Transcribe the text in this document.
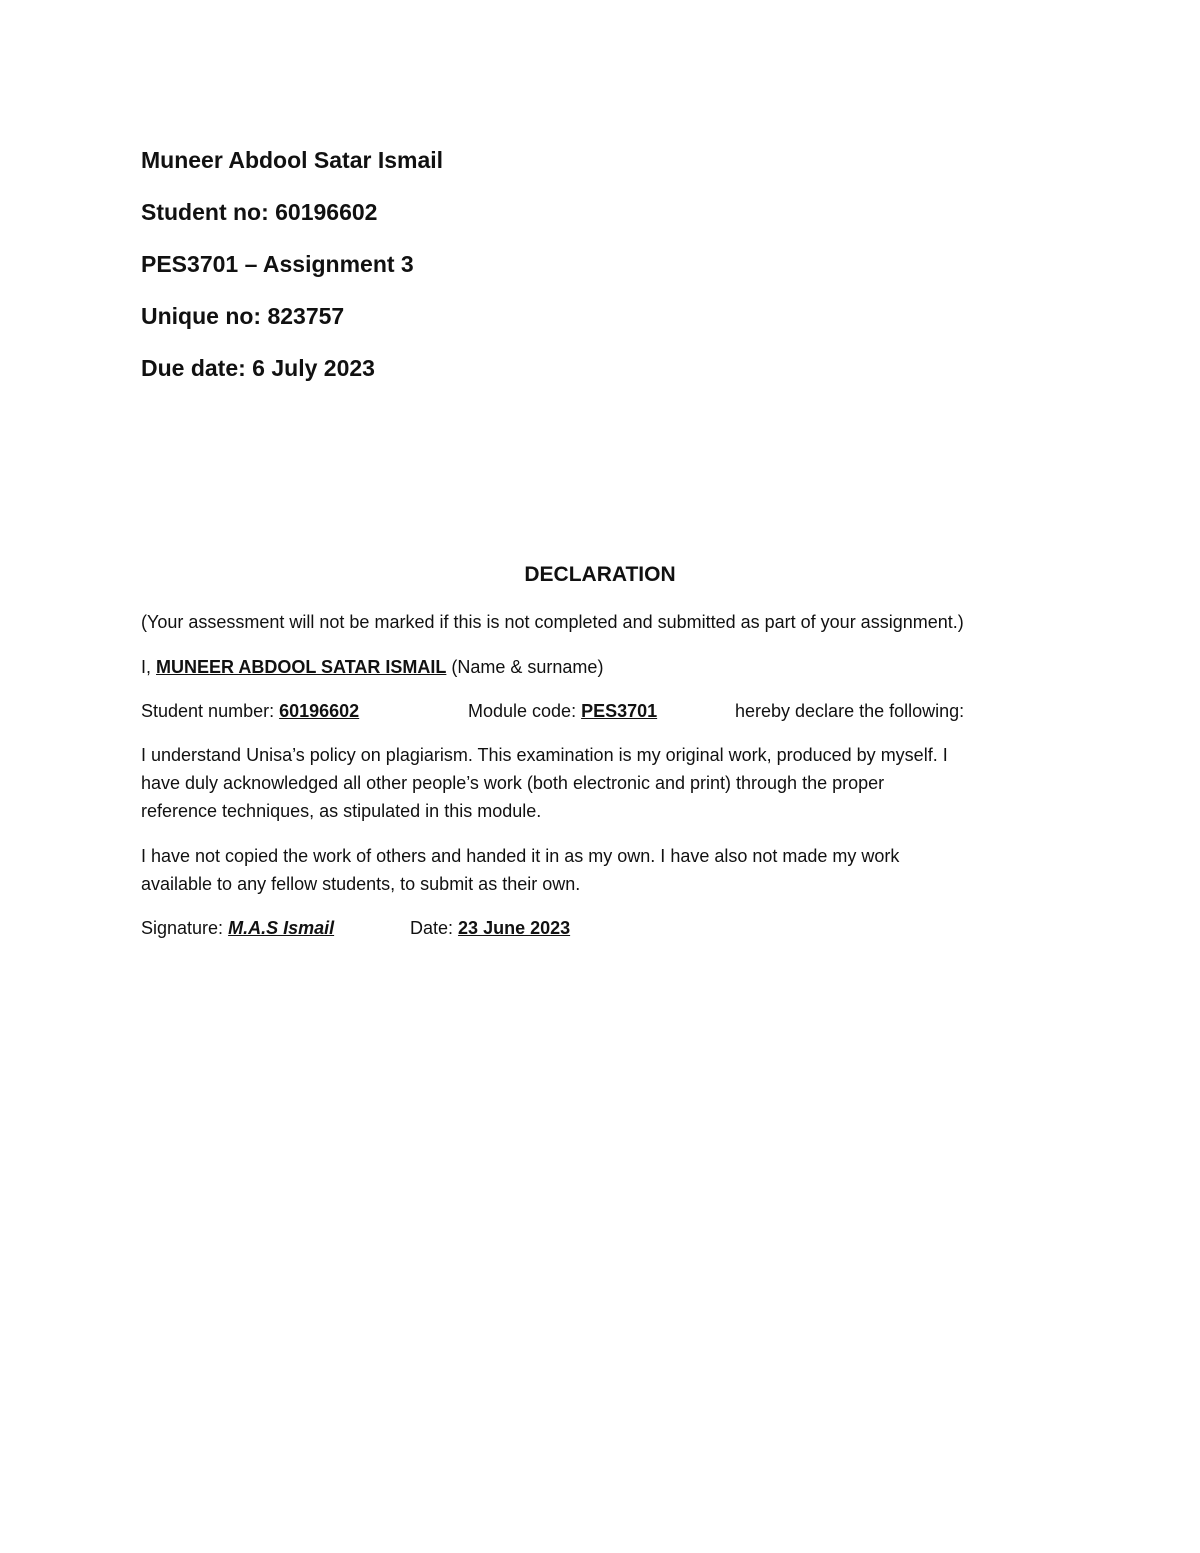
Muneer Abdool Satar Ismail
Student no: 60196602
PES3701 – Assignment 3
Unique no: 823757
Due date: 6 July 2023
DECLARATION
(Your assessment will not be marked if this is not completed and submitted as part of your assignment.)
I, MUNEER ABDOOL SATAR ISMAIL (Name & surname)
Student number: 60196602	Module code: PES3701	hereby declare the following:
I understand Unisa’s policy on plagiarism. This examination is my original work, produced by myself. I
have duly acknowledged all other people’s work (both electronic and print) through the proper
reference techniques, as stipulated in this module.
I have not copied the work of others and handed it in as my own. I have also not made my work
available to any fellow students, to submit as their own.
Signature: M.A.S Ismail	Date: 23 June 2023
